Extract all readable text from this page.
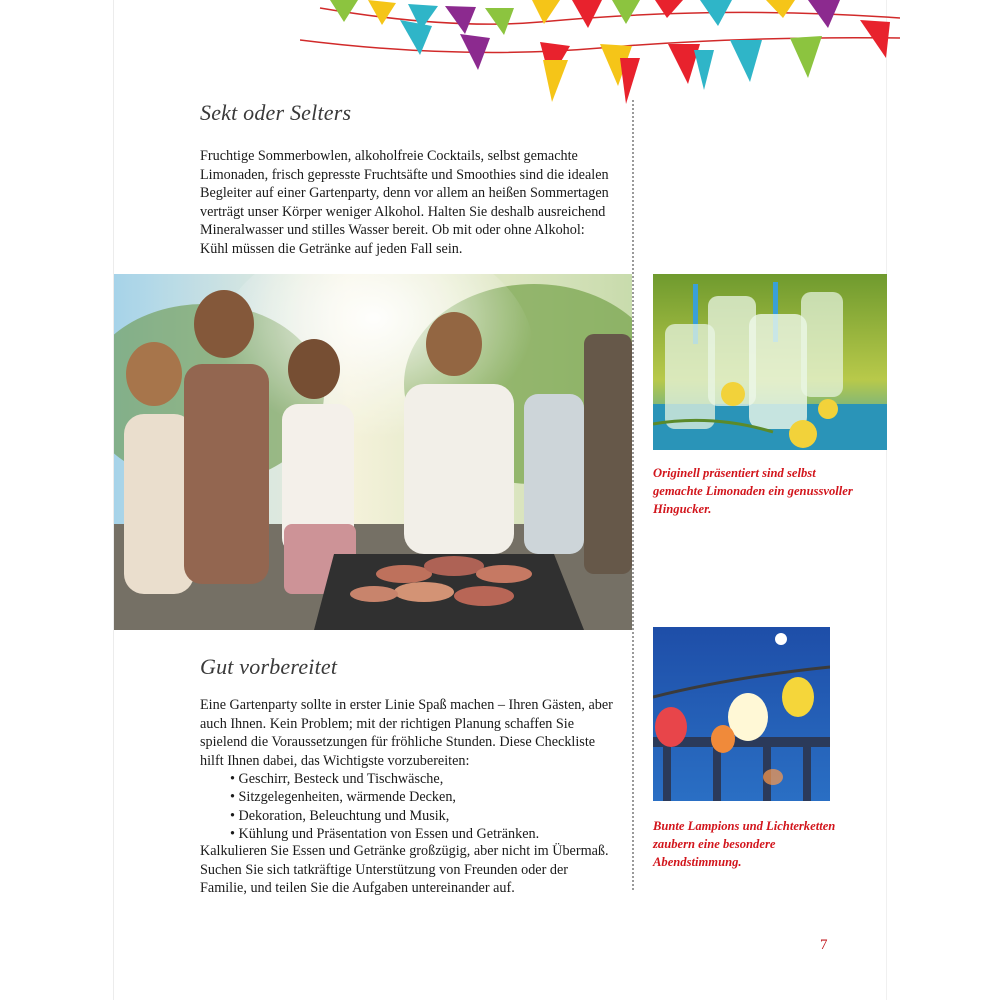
Sekt oder Selters
Fruchtige Sommerbowlen, alkoholfreie Cocktails, selbst gemachte Limonaden, frisch gepresste Fruchtsäfte und Smoothies sind die idealen Begleiter auf einer Gartenparty, denn vor allem an heißen Sommertagen verträgt unser Körper weniger Alkohol. Halten Sie deshalb ausreichend Mineralwasser und stilles Wasser bereit. Ob mit oder ohne Alkohol: Kühl müssen die Getränke auf jeden Fall sein.
Originell präsentiert sind selbst gemachte Limonaden ein genussvoller Hingucker.
Bunte Lampions und Lichterketten zaubern eine besondere Abendstimmung.
Gut vorbereitet
Eine Gartenparty sollte in erster Linie Spaß machen – Ihren Gästen, aber auch Ihnen. Kein Problem; mit der richtigen Planung schaffen Sie spielend die Voraussetzungen für fröhliche Stunden. Diese Checkliste hilft Ihnen dabei, das Wichtigste vorzubereiten:
• Geschirr, Besteck und Tischwäsche,
• Sitzgelegenheiten, wärmende Decken,
• Dekoration, Beleuchtung und Musik,
• Kühlung und Präsentation von Essen und Getränken.
Kalkulieren Sie Essen und Getränke großzügig, aber nicht im Übermaß. Suchen Sie sich tatkräftige Unterstützung von Freunden oder der Familie, und teilen Sie die Aufgaben untereinander auf.
7
